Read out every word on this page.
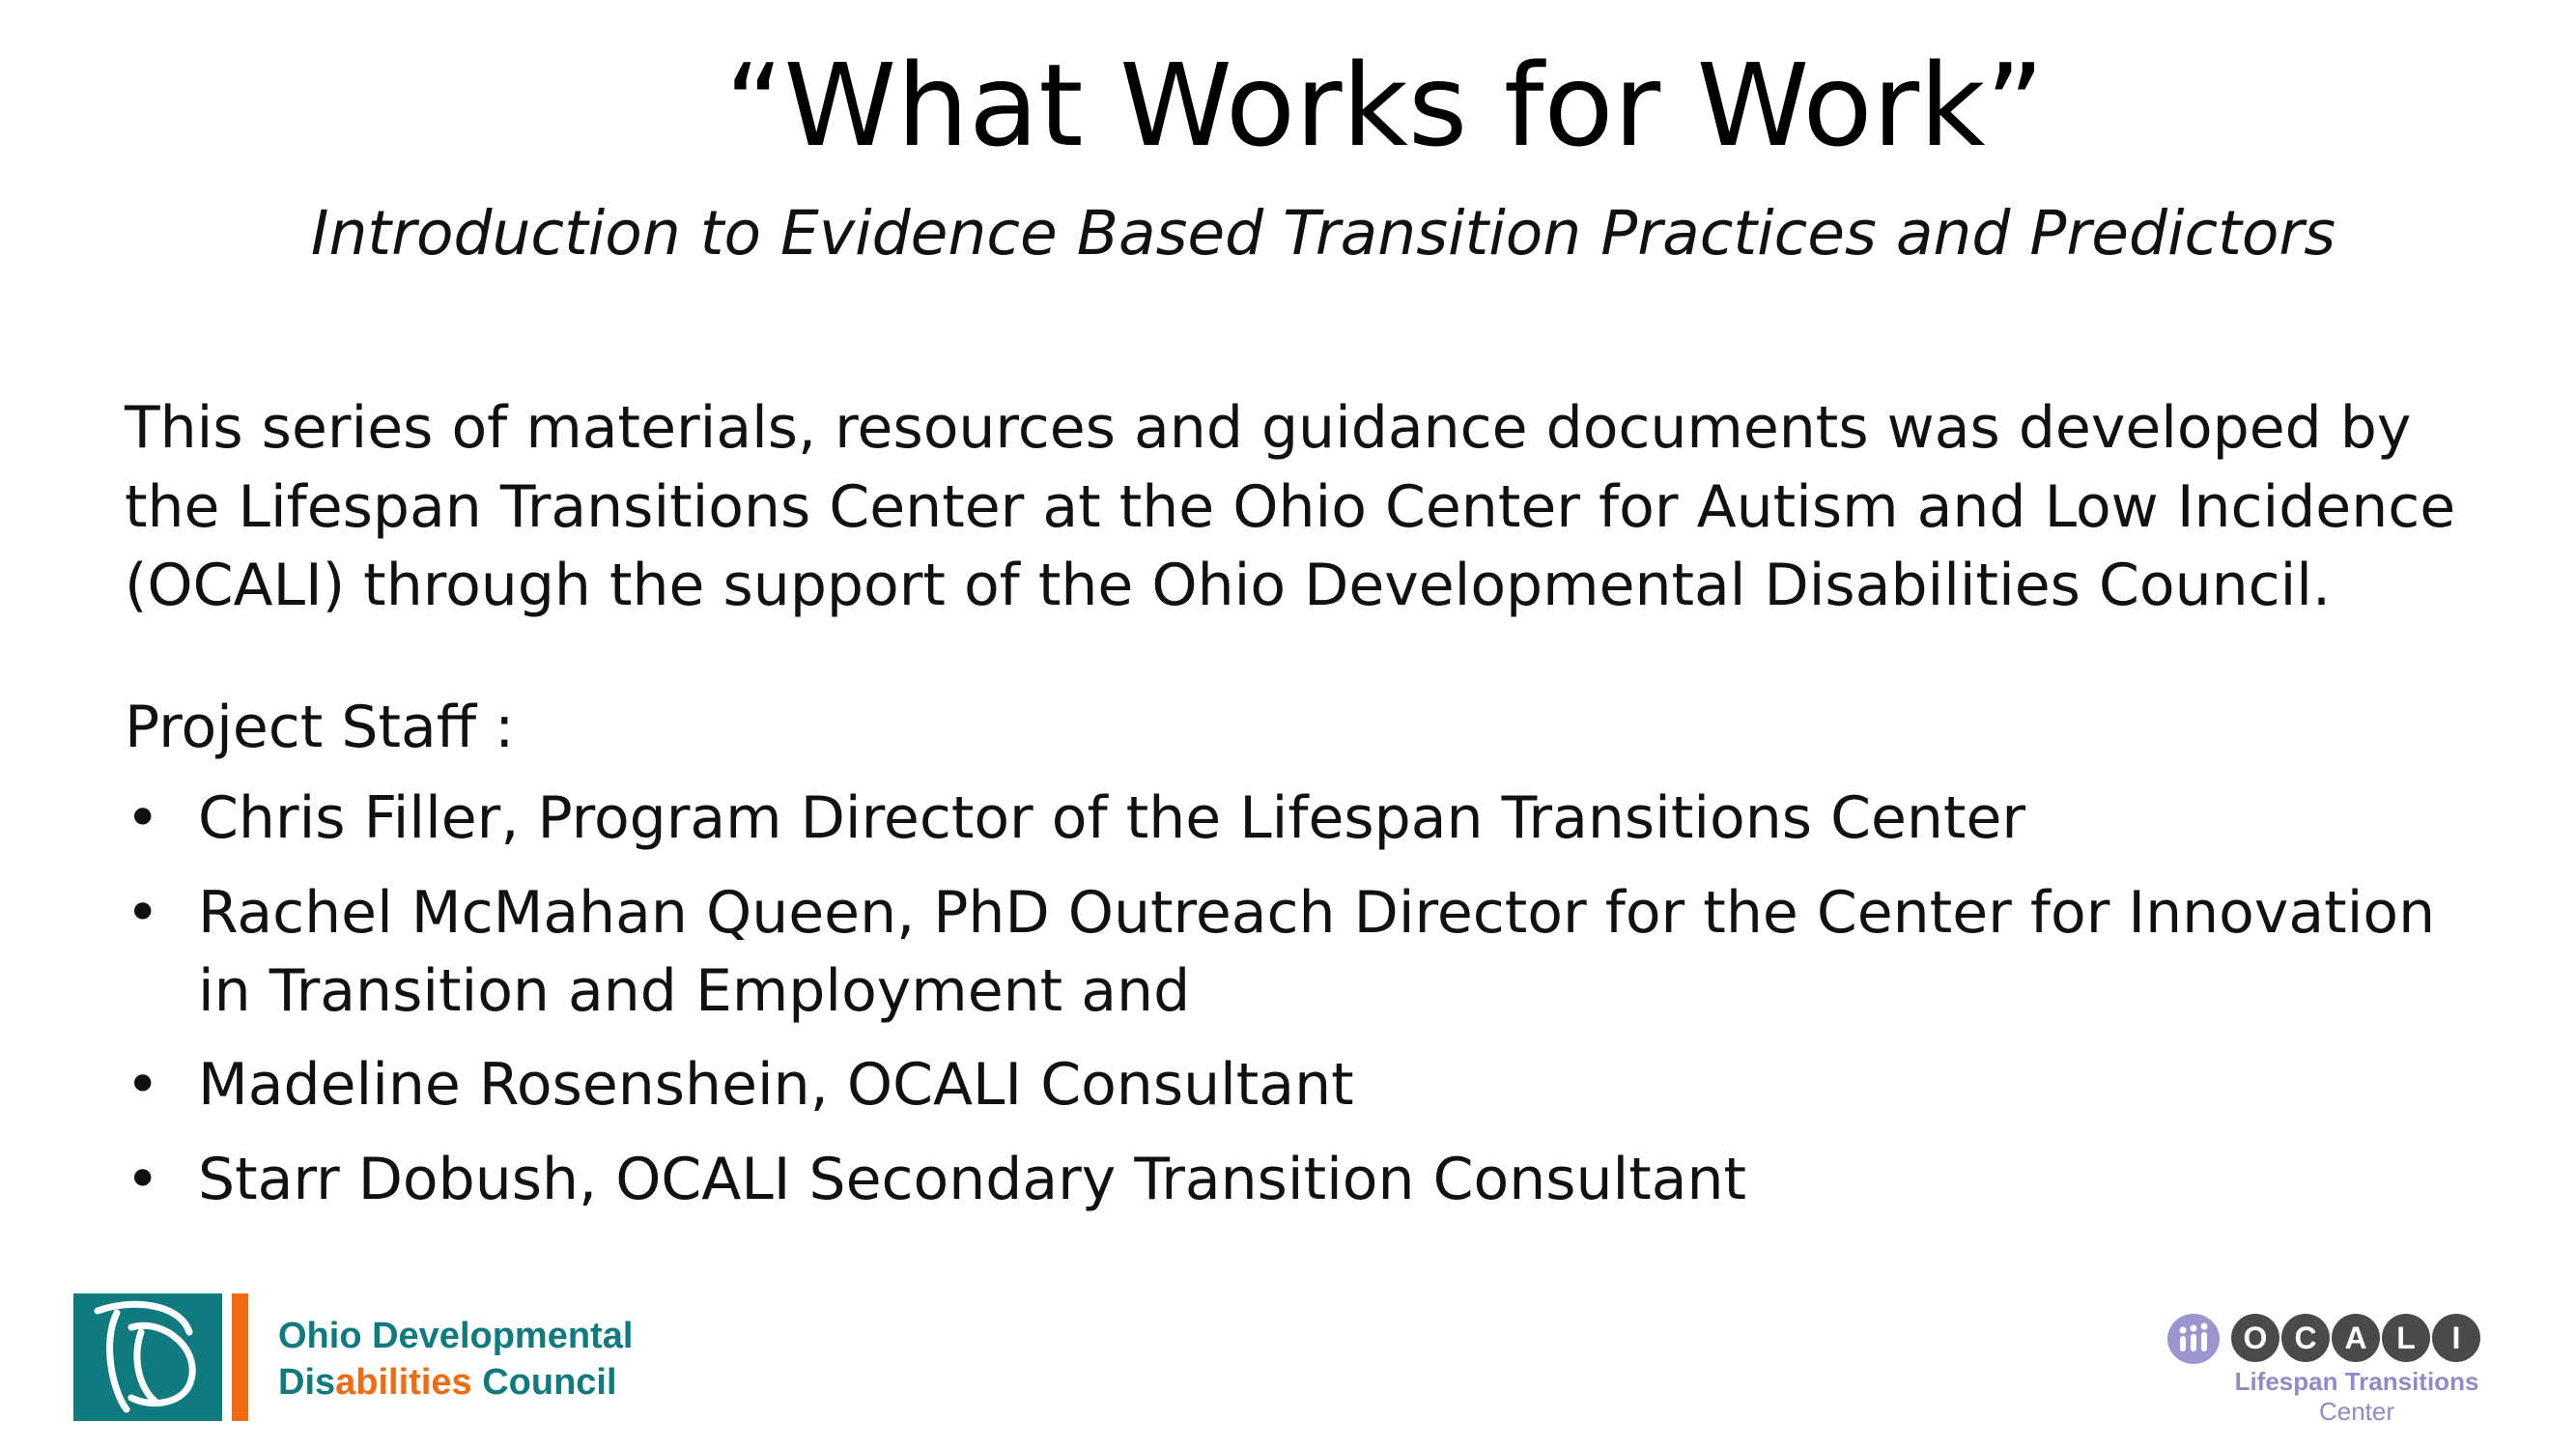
“What Works for Work”
Introduction to Evidence Based Transition Practices and Predictors
This series of materials, resources and guidance documents was developed by
the Lifespan Transitions Center at the Ohio Center for Autism and Low Incidence
(OCALI) through the support of the Ohio Developmental Disabilities Council.
Project Staff :
• Chris Filler, Program Director of the Lifespan Transitions Center
• Rachel McMahan Queen, PhD Outreach Director for the Center for Innovation
in Transition and Employment and
• Madeline Rosenshein, OCALI Consultant
• Starr Dobush, OCALI Secondary Transition Consultant
Ohio Developmental
Disabilities Council
O C A L	I
Lifespan Transitions
Center
